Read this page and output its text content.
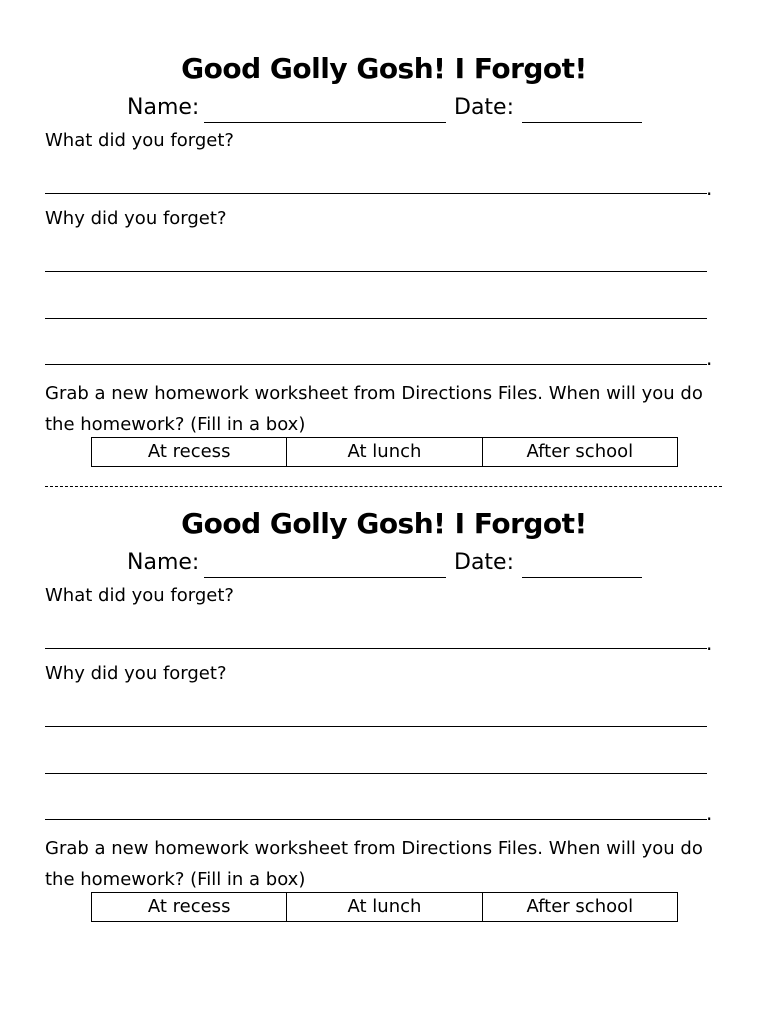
Good Golly Gosh! I Forgot!
Name:	Date:
What did you forget?
.
Why did you forget?
.
Grab a new homework worksheet from Directions Files. When will you do the homework? (Fill in a box)
At recess	At lunch	After school
Good Golly Gosh! I Forgot!
Name:	Date:
What did you forget?
.
Why did you forget?
.
Grab a new homework worksheet from Directions Files. When will you do the homework? (Fill in a box)
At recess	At lunch	After school
